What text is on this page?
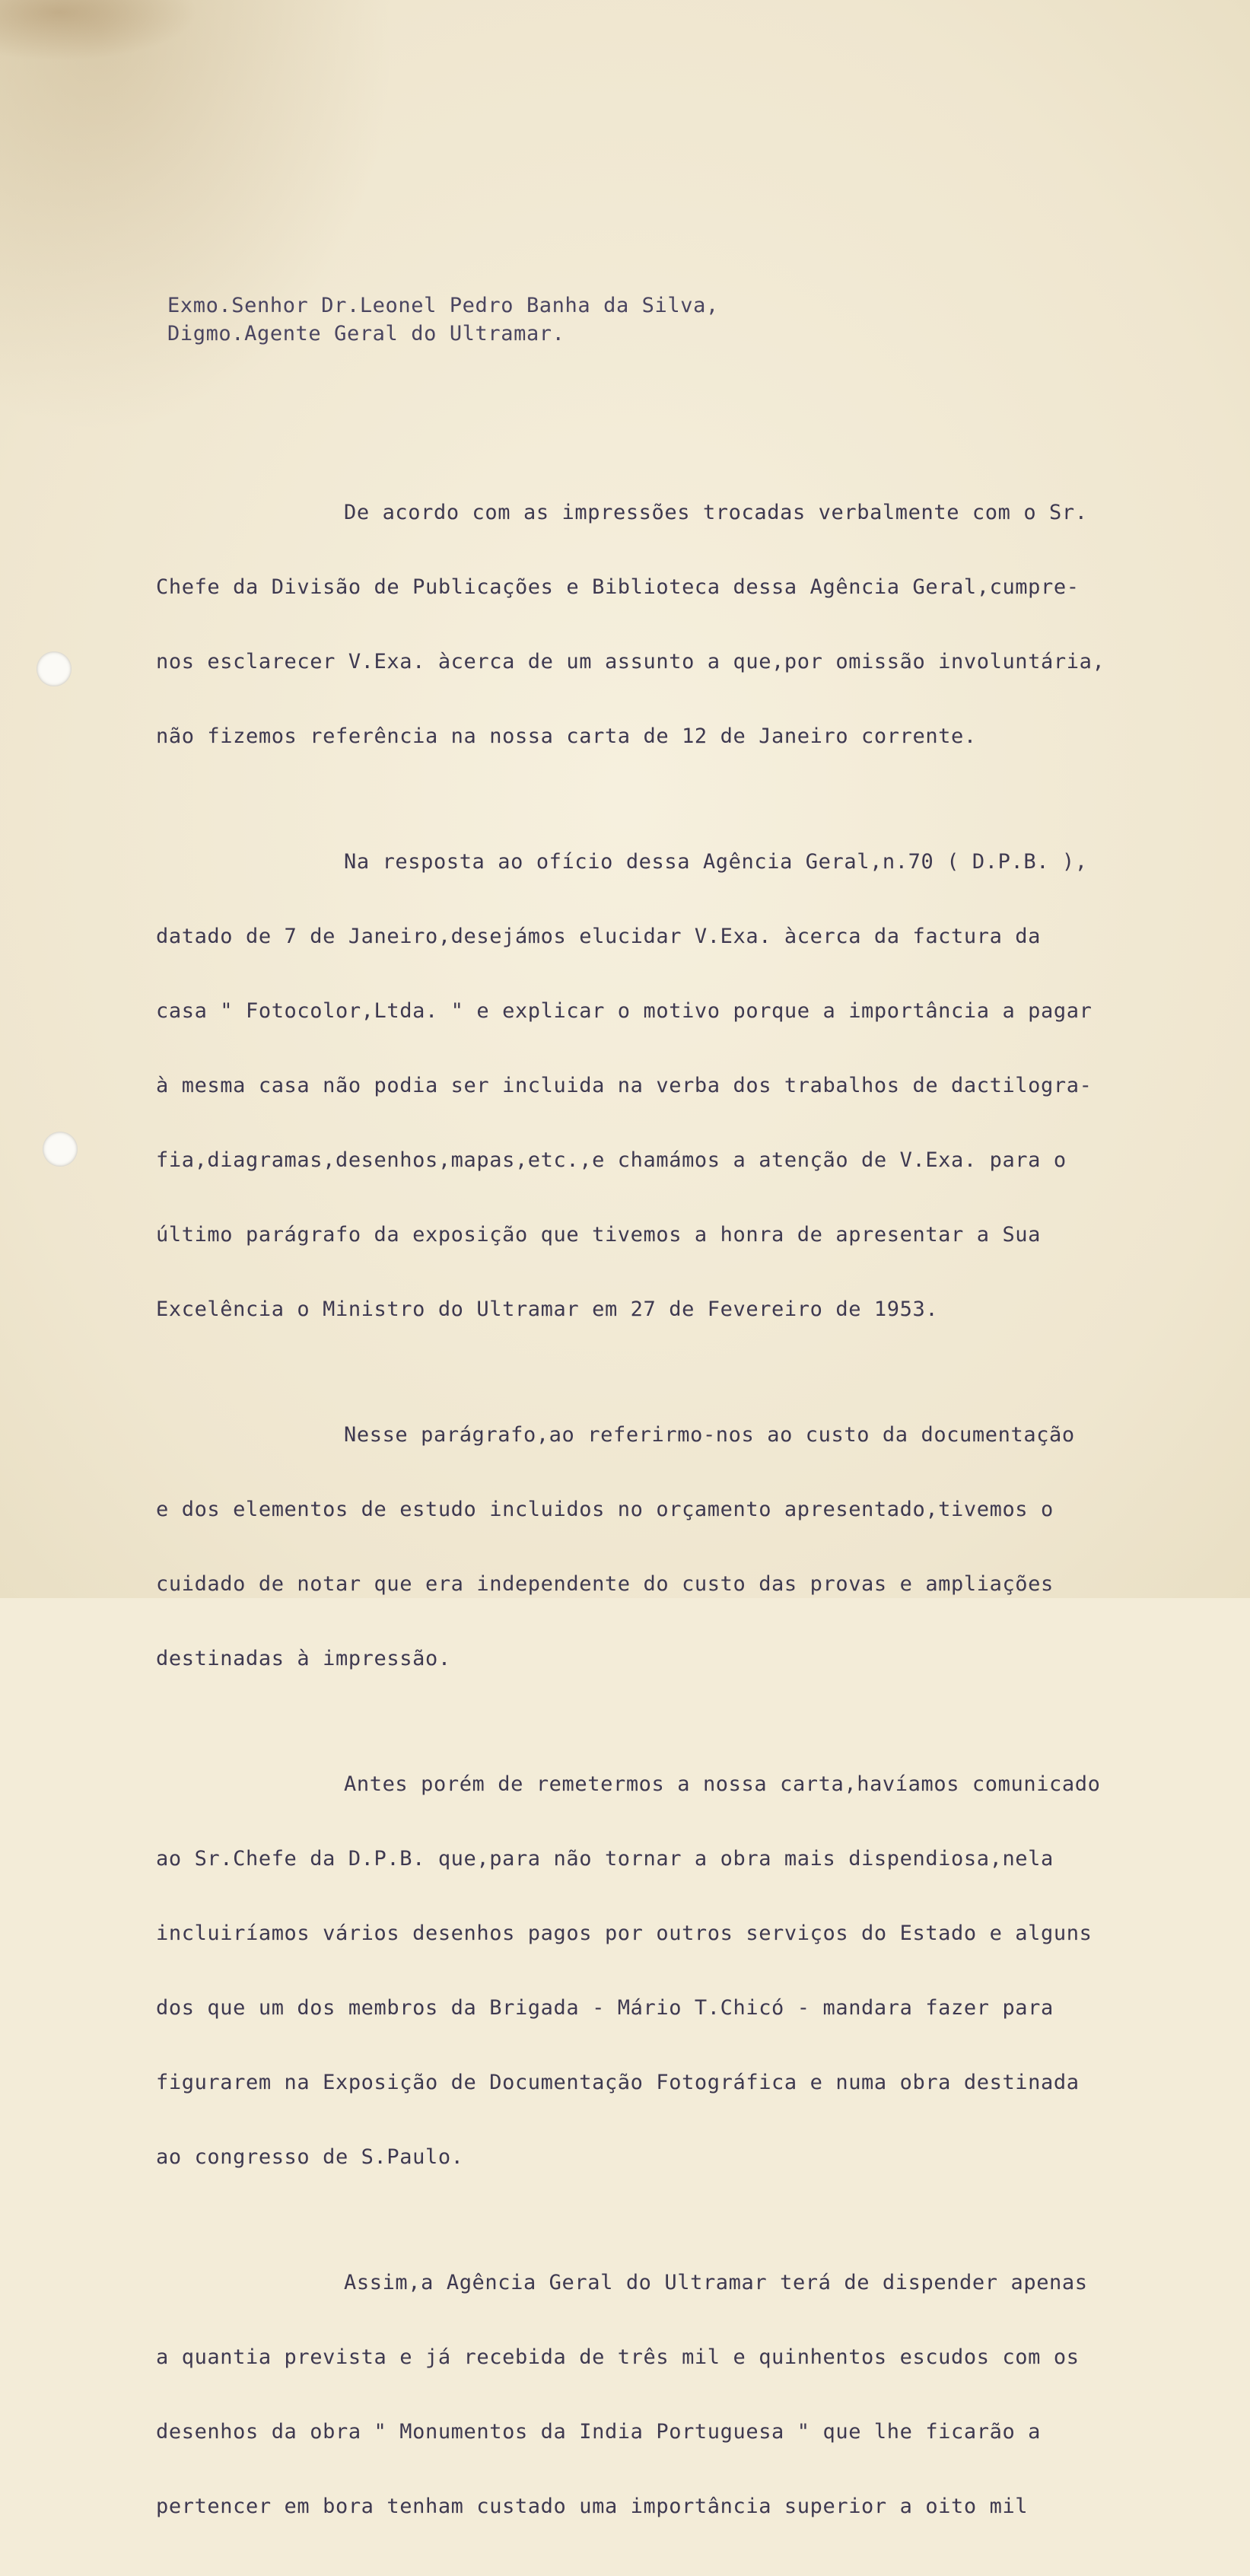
Exmo.Senhor Dr.Leonel Pedro Banha da Silva,
Digmo.Agente Geral do Ultramar.

De acordo com as impressões trocadas verbalmente com o Sr.

Chefe da Divisão de Publicações e Biblioteca dessa Agência Geral,cumpre-

nos esclarecer V.Exa. àcerca de um assunto a que,por omissão involuntária,

não fizemos referência na nossa carta de 12 de Janeiro corrente.

Na resposta ao ofício dessa Agência Geral,n.70 ( D.P.B. ),

datado de 7 de Janeiro,desejámos elucidar V.Exa. àcerca da factura da

casa " Fotocolor,Ltda. " e explicar o motivo porque a importância a pagar

à mesma casa não podia ser incluida na verba dos trabalhos de dactilogra-

fia,diagramas,desenhos,mapas,etc.,e chamámos a atenção de V.Exa. para o

último parágrafo da exposição que tivemos a honra de apresentar a Sua

Excelência o Ministro do Ultramar em 27 de Fevereiro de 1953.

Nesse parágrafo,ao referirmo-nos ao custo da documentação

e dos elementos de estudo incluidos no orçamento apresentado,tivemos o

cuidado de notar que era independente do custo das provas e ampliações

destinadas à impressão.

Antes porém de remetermos a nossa carta,havíamos comunicado

ao Sr.Chefe da D.P.B. que,para não tornar a obra mais dispendiosa,nela

incluiríamos vários desenhos pagos por outros serviços do Estado e alguns

dos que um dos membros da Brigada - Mário T.Chicó - mandara fazer para

figurarem na Exposição de Documentação Fotográfica e numa obra destinada

ao congresso de S.Paulo.

Assim,a Agência Geral do Ultramar terá de dispender apenas

a quantia prevista e já recebida de três mil e quinhentos escudos com os

desenhos da obra " Monumentos da India Portuguesa " que lhe ficarão a

pertencer em bora tenham custado uma importância superior a oito mil
